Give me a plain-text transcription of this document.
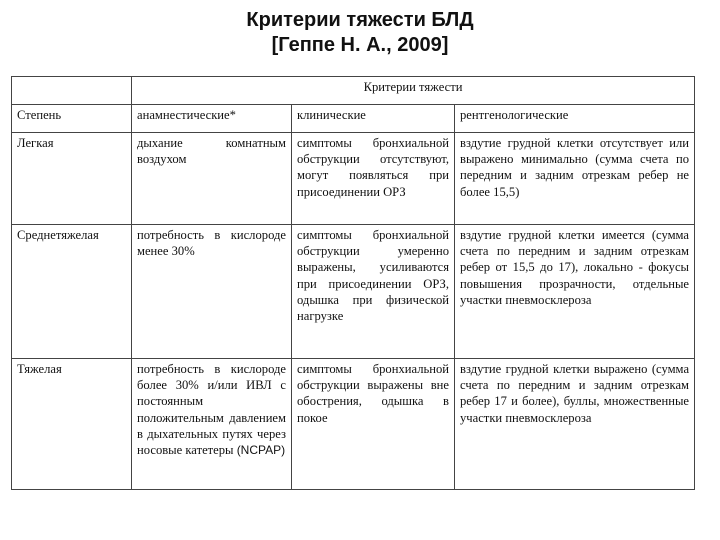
Критерии тяжести БЛД
[Геппе Н. А., 2009]
	Критерии тяжести		
Степень	анамнестические*	клинические	рентгенологические
Легкая	дыхание комнатным воздухом	симптомы бронхиальной обструкции отсутствуют, могут появляться при присоединении ОРЗ	вздутие грудной клетки отсутствует или выражено минимально (сумма счета по передним и задним отрезкам ребер не более 15,5)
Среднетяжелая	потребность в кислороде менее 30%	симптомы бронхиальной обструкции умеренно выражены, усиливаются при присоединении ОРЗ, одышка при физической нагрузке	вздутие грудной клетки имеется (сумма счета по передним и задним отрезкам ребер от 15,5 до 17), локально - фокусы повышения прозрачности, отдельные участки пневмосклероза
Тяжелая	потребность в кислороде более 30% и/или ИВЛ с постоянным положительным давлением в дыхательных путях через носовые катетеры (NCPAP)	симптомы бронхиальной обструкции выражены вне обострения, одышка в покое	вздутие грудной клетки выражено (сумма счета по передним и задним отрезкам ребер 17 и более), буллы, множественные участки пневмосклероза
